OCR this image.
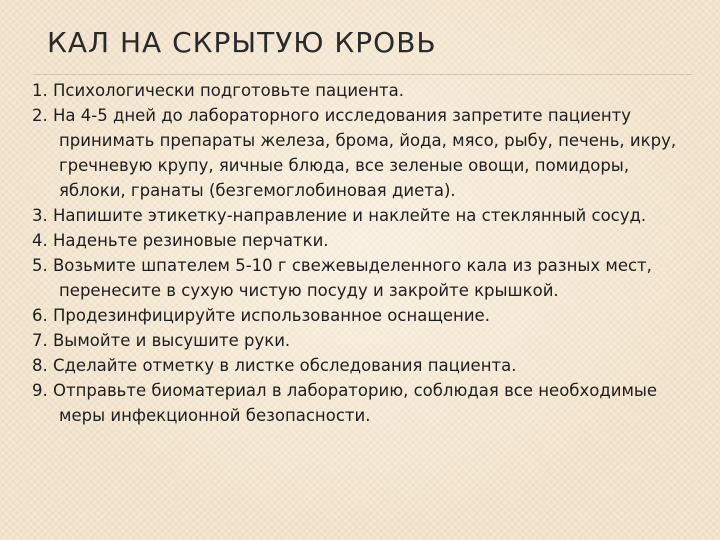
КАЛ НА СКРЫТУЮ КРОВЬ
1. Психологически подготовьте пациента.
2. На 4-5 дней до лабораторного исследования запретите пациенту принимать препараты железа, брома, йода, мясо, рыбу, печень, икру, гречневую крупу, яичные блюда, все зеленые овощи, помидоры, яблоки, гранаты (безгемоглобиновая диета).
3. Напишите этикетку-направление и наклейте на стеклянный сосуд.
4. Наденьте резиновые перчатки.
5. Возьмите шпателем 5-10 г свежевыделенного кала из разных мест, перенесите в сухую чистую посуду и закройте крышкой.
6. Продезинфицируйте использованное оснащение.
7. Вымойте и высушите руки.
8. Сделайте отметку в листке обследования пациента.
9. Отправьте биоматериал в лабораторию, соблюдая все необходимые меры инфекционной безопасности.
